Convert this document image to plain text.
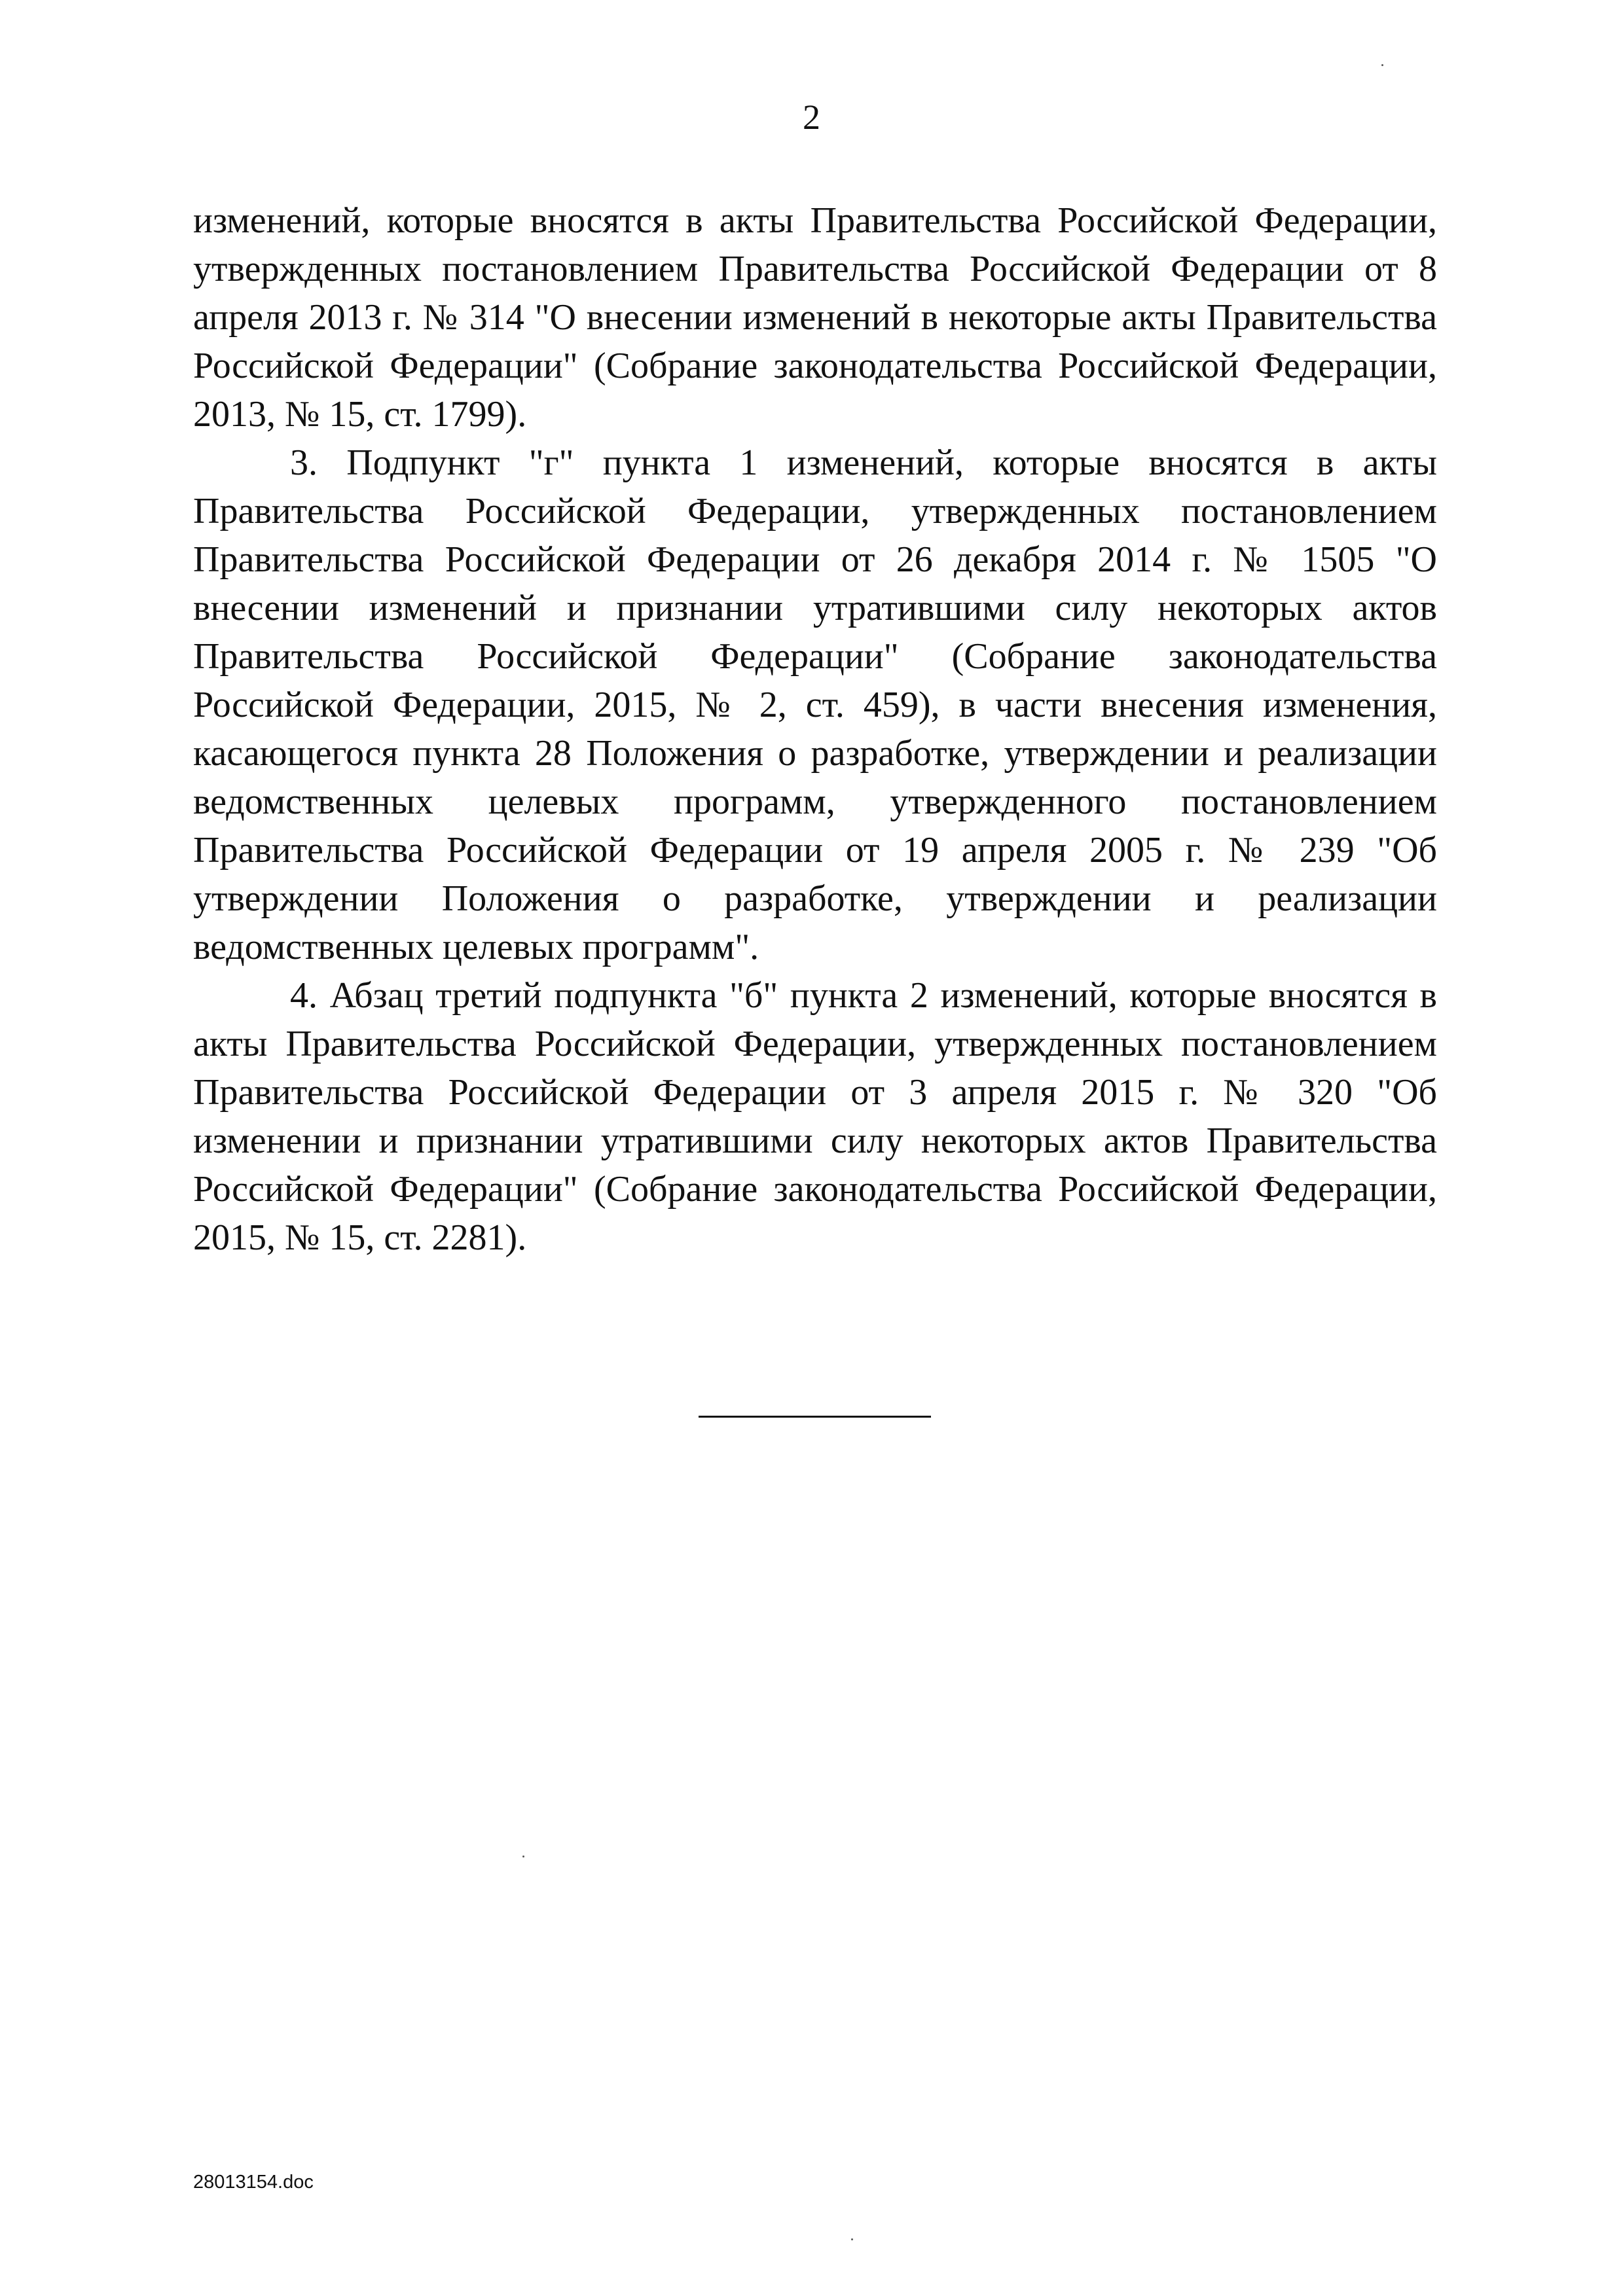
2

изменений, которые вносятся в акты Правительства Российской Федерации, утвержденных постановлением Правительства Российской Федерации от 8 апреля 2013 г. № 314 "О внесении изменений в некоторые акты Правительства Российской Федерации" (Собрание законодательства Российской Федерации, 2013, № 15, ст. 1799).

3. Подпункт "г" пункта 1 изменений, которые вносятся в акты Правительства Российской Федерации, утвержденных постановлением Правительства Российской Федерации от 26 декабря 2014 г. № 1505 "О внесении изменений и признании утратившими силу некоторых актов Правительства Российской Федерации" (Собрание законодательства Российской Федерации, 2015, № 2, ст. 459), в части внесения изменения, касающегося пункта 28 Положения о разработке, утверждении и реализации ведомственных целевых программ, утвержденного постановлением Правительства Российской Федерации от 19 апреля 2005 г. № 239 "Об утверждении Положения о разработке, утверждении и реализации ведомственных целевых программ".

4. Абзац третий подпункта "б" пункта 2 изменений, которые вносятся в акты Правительства Российской Федерации, утвержденных постановлением Правительства Российской Федерации от 3 апреля 2015 г. № 320 "Об изменении и признании утратившими силу некоторых актов Правительства Российской Федерации" (Собрание законодательства Российской Федерации, 2015, № 15, ст. 2281).

28013154.doc
